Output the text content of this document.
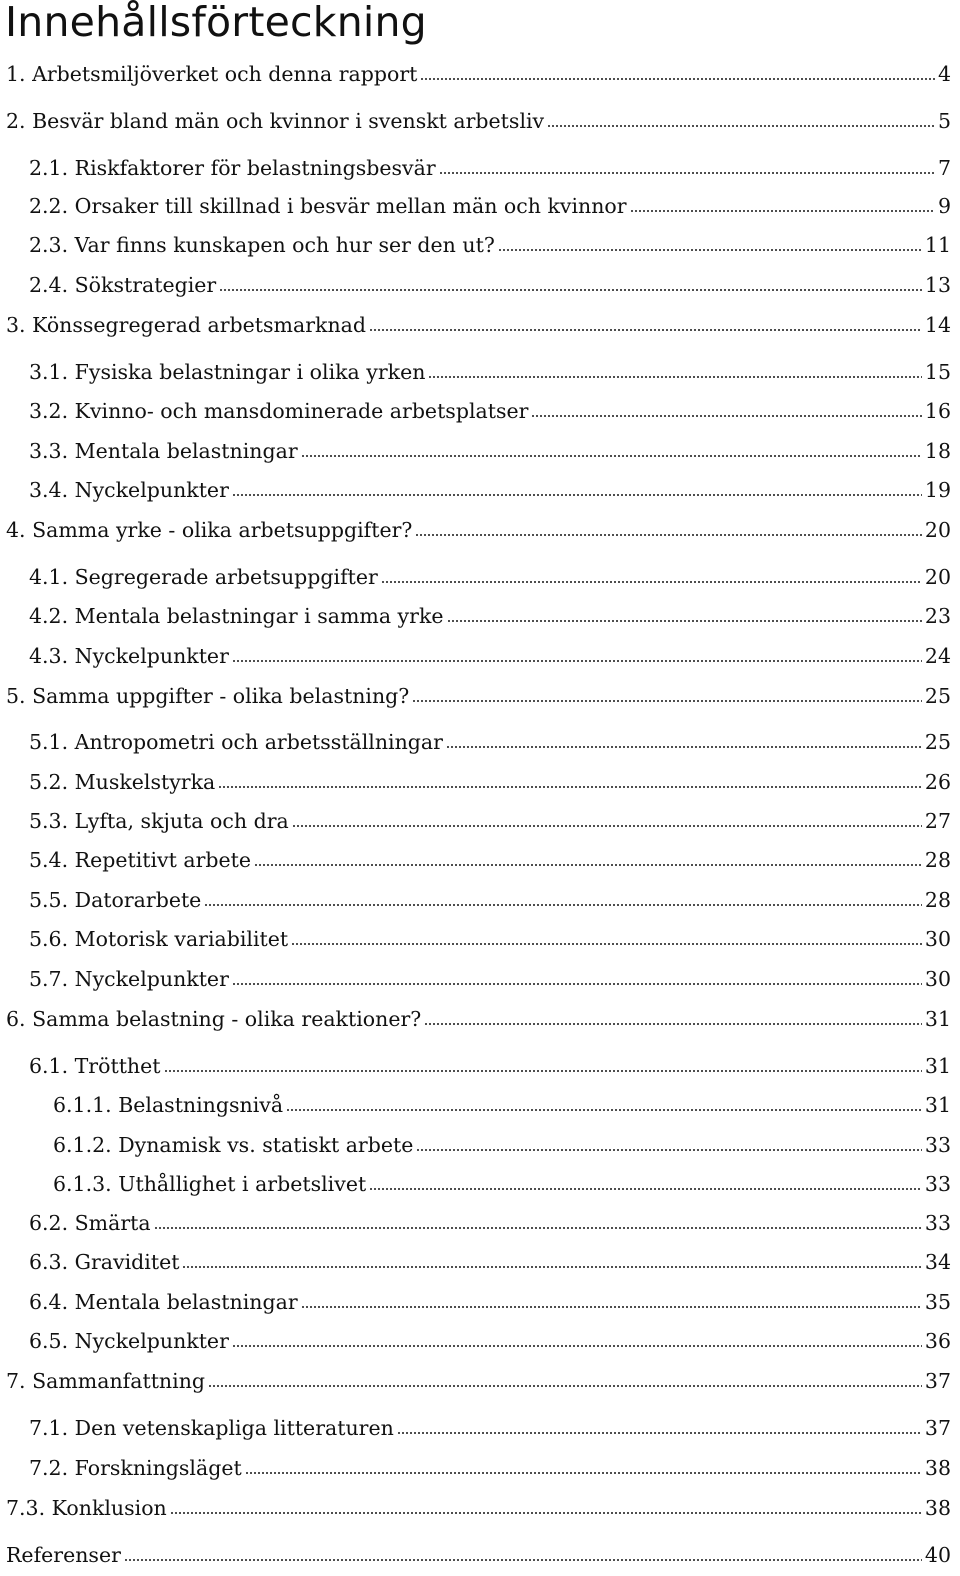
Innehållsförteckning
1. Arbetsmiljöverket och denna rapport	4
2. Besvär bland män och kvinnor i svenskt arbetsliv	5
2.1. Riskfaktorer för belastningsbesvär	7
2.2. Orsaker till skillnad i besvär mellan män och kvinnor	9
2.3. Var finns kunskapen och hur ser den ut?	11
2.4. Sökstrategier	13
3. Könssegregerad arbetsmarknad	14
3.1. Fysiska belastningar i olika yrken	15
3.2. Kvinno- och mansdominerade arbetsplatser	16
3.3. Mentala belastningar	18
3.4. Nyckelpunkter	19
4. Samma yrke - olika arbetsuppgifter?	20
4.1. Segregerade arbetsuppgifter	20
4.2. Mentala belastningar i samma yrke	23
4.3. Nyckelpunkter	24
5. Samma uppgifter - olika belastning?	25
5.1. Antropometri och arbetsställningar	25
5.2. Muskelstyrka	26
5.3. Lyfta, skjuta och dra	27
5.4. Repetitivt arbete	28
5.5. Datorarbete	28
5.6. Motorisk variabilitet	30
5.7. Nyckelpunkter	30
6. Samma belastning - olika reaktioner?	31
6.1. Trötthet	31
6.1.1. Belastningsnivå	31
6.1.2. Dynamisk vs. statiskt arbete	33
6.1.3. Uthållighet i arbetslivet	33
6.2. Smärta	33
6.3. Graviditet	34
6.4. Mentala belastningar	35
6.5. Nyckelpunkter	36
7. Sammanfattning	37
7.1. Den vetenskapliga litteraturen	37
7.2. Forskningsläget	38
7.3. Konklusion	38
Referenser	40
